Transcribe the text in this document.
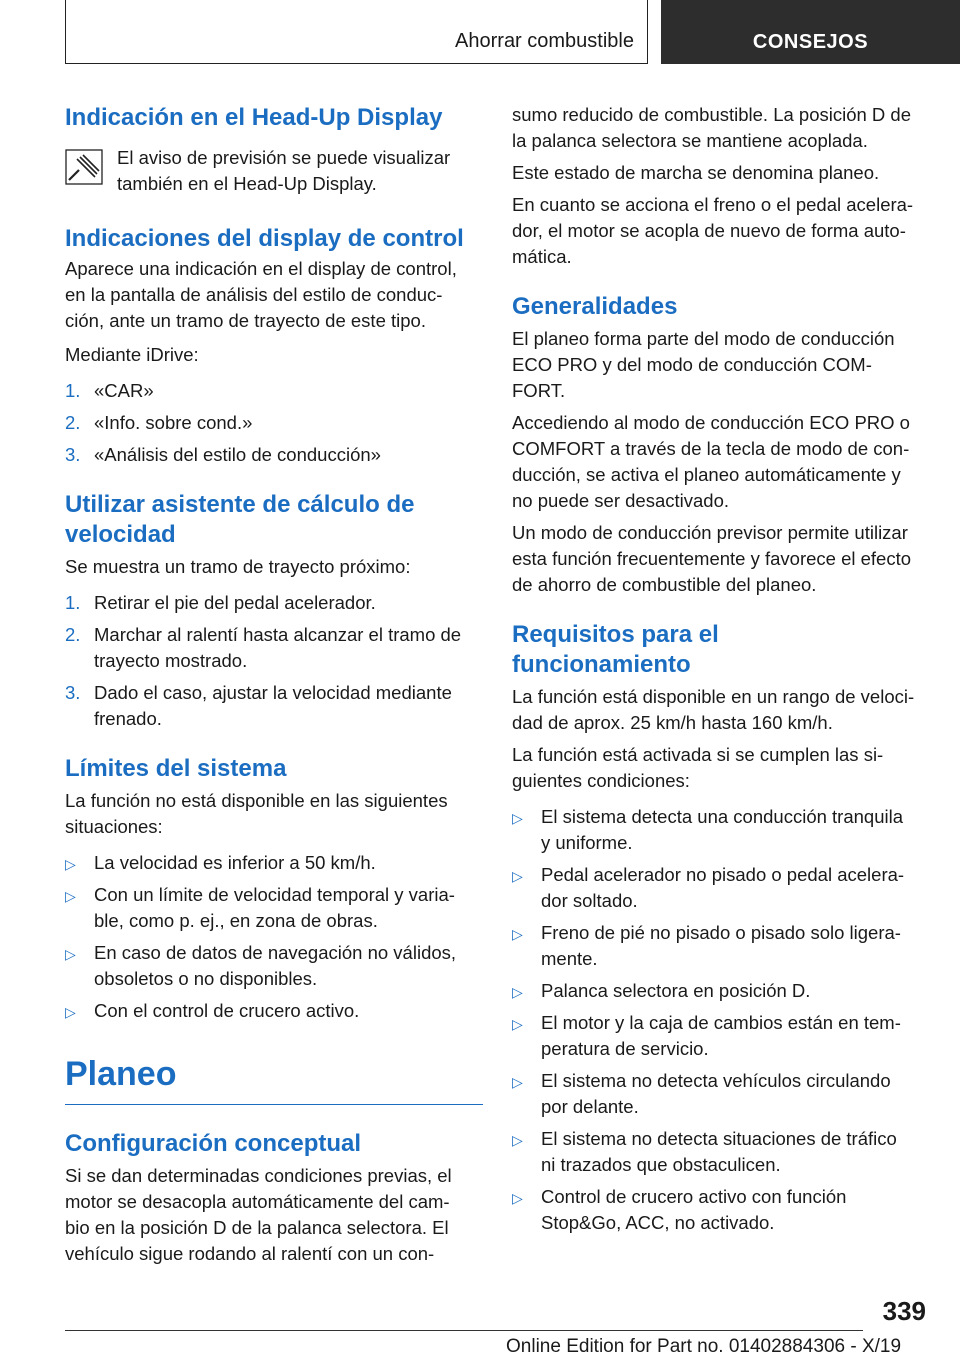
Ahorrar combustible	CONSEJOS
Indicación en el Head-Up Display
El aviso de previsión se puede visualizar
también en el Head-Up Display.
Indicaciones del display de control
Aparece una indicación en el display de control,
en la pantalla de análisis del estilo de conduc-
ción, ante un tramo de trayecto de este tipo.
Mediante iDrive:
1. «CAR»
2. «Info. sobre cond.»
3. «Análisis del estilo de conducción»
Utilizar asistente de cálculo de
velocidad
Se muestra un tramo de trayecto próximo:
1. Retirar el pie del pedal acelerador.
2. Marchar al ralentí hasta alcanzar el tramo de
trayecto mostrado.
3. Dado el caso, ajustar la velocidad mediante
frenado.
Límites del sistema
La función no está disponible en las siguientes
situaciones:
▷ La velocidad es inferior a 50 km/h.
▷ Con un límite de velocidad temporal y varia-
ble, como p. ej., en zona de obras.
▷ En caso de datos de navegación no válidos,
obsoletos o no disponibles.
▷ Con el control de crucero activo.
Planeo
Configuración conceptual
Si se dan determinadas condiciones previas, el
motor se desacopla automáticamente del cam-
bio en la posición D de la palanca selectora. El
vehículo sigue rodando al ralentí con un con-
sumo reducido de combustible. La posición D de
la palanca selectora se mantiene acoplada.
Este estado de marcha se denomina planeo.
En cuanto se acciona el freno o el pedal acelera-
dor, el motor se acopla de nuevo de forma auto-
mática.
Generalidades
El planeo forma parte del modo de conducción
ECO PRO y del modo de conducción COM-
FORT.
Accediendo al modo de conducción ECO PRO o
COMFORT a través de la tecla de modo de con-
ducción, se activa el planeo automáticamente y
no puede ser desactivado.
Un modo de conducción previsor permite utilizar
esta función frecuentemente y favorece el efecto
de ahorro de combustible del planeo.
Requisitos para el
funcionamiento
La función está disponible en un rango de veloci-
dad de aprox. 25 km/h hasta 160 km/h.
La función está activada si se cumplen las si-
guientes condiciones:
▷ El sistema detecta una conducción tranquila
y uniforme.
▷ Pedal acelerador no pisado o pedal acelera-
dor soltado.
▷ Freno de pié no pisado o pisado solo ligera-
mente.
▷ Palanca selectora en posición D.
▷ El motor y la caja de cambios están en tem-
peratura de servicio.
▷ El sistema no detecta vehículos circulando
por delante.
▷ El sistema no detecta situaciones de tráfico
ni trazados que obstaculicen.
▷ Control de crucero activo con función
Stop&Go, ACC, no activado.
339
Online Edition for Part no. 01402884306 - X/19
